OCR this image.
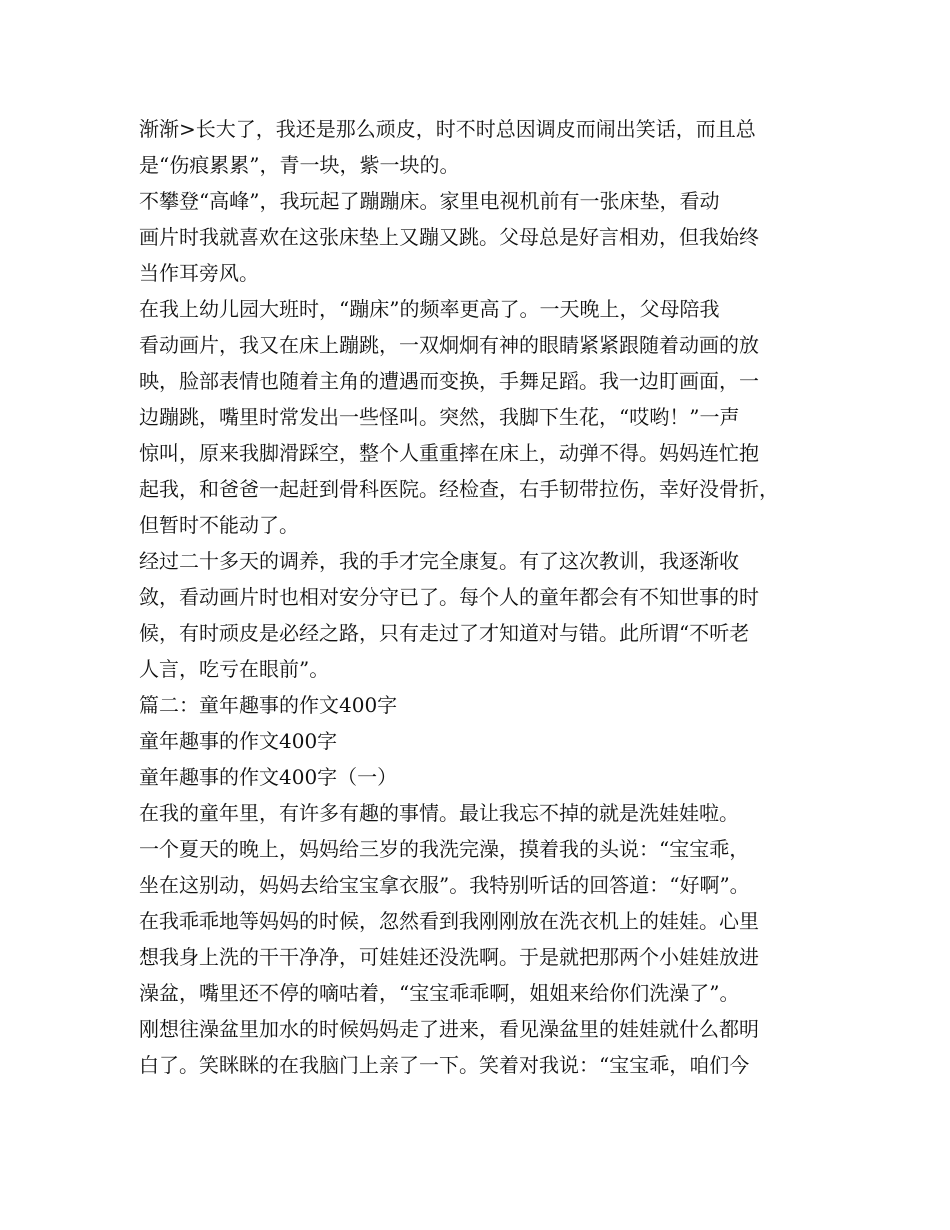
渐渐>长大了，我还是那么顽皮，时不时总因调皮而闹出笑话，而且总
是“伤痕累累”，青一块，紫一块的。
不攀登“高峰”，我玩起了蹦蹦床。家里电视机前有一张床垫，看动
画片时我就喜欢在这张床垫上又蹦又跳。父母总是好言相劝，但我始终
当作耳旁风。
在我上幼儿园大班时，“蹦床”的频率更高了。一天晚上，父母陪我
看动画片，我又在床上蹦跳，一双炯炯有神的眼睛紧紧跟随着动画的放
映，脸部表情也随着主角的遭遇而变换，手舞足蹈。我一边盯画面，一
边蹦跳，嘴里时常发出一些怪叫。突然，我脚下生花，“哎哟！”一声
惊叫，原来我脚滑踩空，整个人重重摔在床上，动弹不得。妈妈连忙抱
起我，和爸爸一起赶到骨科医院。经检查，右手韧带拉伤，幸好没骨折，
但暂时不能动了。
经过二十多天的调养，我的手才完全康复。有了这次教训，我逐渐收
敛，看动画片时也相对安分守已了。每个人的童年都会有不知世事的时
候，有时顽皮是必经之路，只有走过了才知道对与错。此所谓“不听老
人言，吃亏在眼前”。
篇二：童年趣事的作文400字
童年趣事的作文400字
童年趣事的作文400字（一）
在我的童年里，有许多有趣的事情。最让我忘不掉的就是洗娃娃啦。
一个夏天的晚上，妈妈给三岁的我洗完澡，摸着我的头说：“宝宝乖，
坐在这别动，妈妈去给宝宝拿衣服”。我特别听话的回答道：“好啊”。
在我乖乖地等妈妈的时候，忽然看到我刚刚放在洗衣机上的娃娃。心里
想我身上洗的干干净净，可娃娃还没洗啊。于是就把那两个小娃娃放进
澡盆，嘴里还不停的嘀咕着，“宝宝乖乖啊，姐姐来给你们洗澡了”。
刚想往澡盆里加水的时候妈妈走了进来，看见澡盆里的娃娃就什么都明
白了。笑眯眯的在我脑门上亲了一下。笑着对我说：“宝宝乖，咱们今
